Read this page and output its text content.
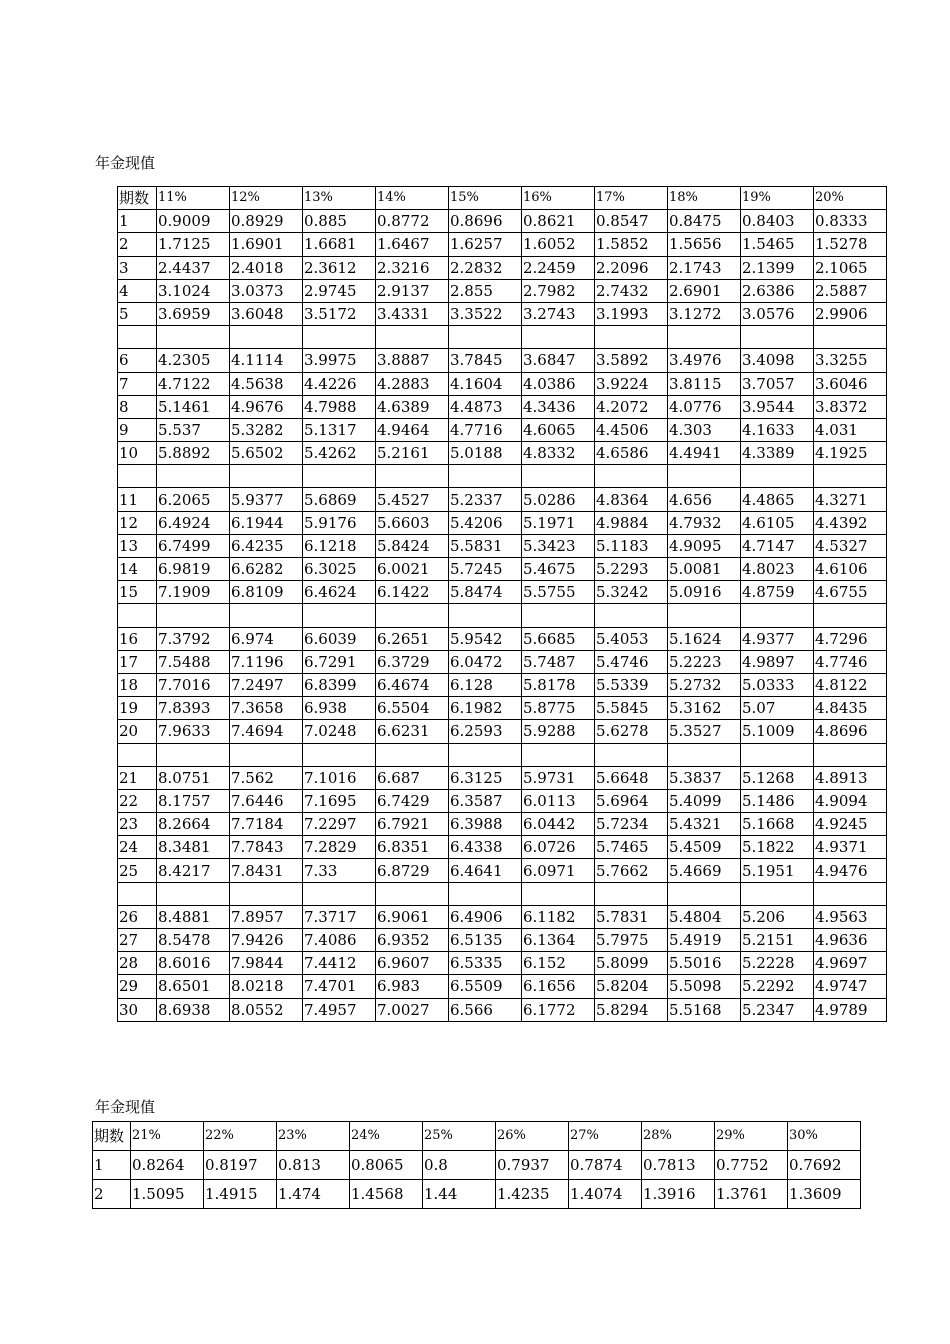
年金现值
期数	11%	12%	13%	14%	15%	16%	17%	18%	19%	20%
1	0.9009	0.8929	0.885	0.8772	0.8696	0.8621	0.8547	0.8475	0.8403	0.8333
2	1.7125	1.6901	1.6681	1.6467	1.6257	1.6052	1.5852	1.5656	1.5465	1.5278
3	2.4437	2.4018	2.3612	2.3216	2.2832	2.2459	2.2096	2.1743	2.1399	2.1065
4	3.1024	3.0373	2.9745	2.9137	2.855	2.7982	2.7432	2.6901	2.6386	2.5887
5	3.6959	3.6048	3.5172	3.4331	3.3522	3.2743	3.1993	3.1272	3.0576	2.9906

6	4.2305	4.1114	3.9975	3.8887	3.7845	3.6847	3.5892	3.4976	3.4098	3.3255
7	4.7122	4.5638	4.4226	4.2883	4.1604	4.0386	3.9224	3.8115	3.7057	3.6046
8	5.1461	4.9676	4.7988	4.6389	4.4873	4.3436	4.2072	4.0776	3.9544	3.8372
9	5.537	5.3282	5.1317	4.9464	4.7716	4.6065	4.4506	4.303	4.1633	4.031
10	5.8892	5.6502	5.4262	5.2161	5.0188	4.8332	4.6586	4.4941	4.3389	4.1925

11	6.2065	5.9377	5.6869	5.4527	5.2337	5.0286	4.8364	4.656	4.4865	4.3271
12	6.4924	6.1944	5.9176	5.6603	5.4206	5.1971	4.9884	4.7932	4.6105	4.4392
13	6.7499	6.4235	6.1218	5.8424	5.5831	5.3423	5.1183	4.9095	4.7147	4.5327
14	6.9819	6.6282	6.3025	6.0021	5.7245	5.4675	5.2293	5.0081	4.8023	4.6106
15	7.1909	6.8109	6.4624	6.1422	5.8474	5.5755	5.3242	5.0916	4.8759	4.6755

16	7.3792	6.974	6.6039	6.2651	5.9542	5.6685	5.4053	5.1624	4.9377	4.7296
17	7.5488	7.1196	6.7291	6.3729	6.0472	5.7487	5.4746	5.2223	4.9897	4.7746
18	7.7016	7.2497	6.8399	6.4674	6.128	5.8178	5.5339	5.2732	5.0333	4.8122
19	7.8393	7.3658	6.938	6.5504	6.1982	5.8775	5.5845	5.3162	5.07	4.8435
20	7.9633	7.4694	7.0248	6.6231	6.2593	5.9288	5.6278	5.3527	5.1009	4.8696

21	8.0751	7.562	7.1016	6.687	6.3125	5.9731	5.6648	5.3837	5.1268	4.8913
22	8.1757	7.6446	7.1695	6.7429	6.3587	6.0113	5.6964	5.4099	5.1486	4.9094
23	8.2664	7.7184	7.2297	6.7921	6.3988	6.0442	5.7234	5.4321	5.1668	4.9245
24	8.3481	7.7843	7.2829	6.8351	6.4338	6.0726	5.7465	5.4509	5.1822	4.9371
25	8.4217	7.8431	7.33	6.8729	6.4641	6.0971	5.7662	5.4669	5.1951	4.9476

26	8.4881	7.8957	7.3717	6.9061	6.4906	6.1182	5.7831	5.4804	5.206	4.9563
27	8.5478	7.9426	7.4086	6.9352	6.5135	6.1364	5.7975	5.4919	5.2151	4.9636
28	8.6016	7.9844	7.4412	6.9607	6.5335	6.152	5.8099	5.5016	5.2228	4.9697
29	8.6501	8.0218	7.4701	6.983	6.5509	6.1656	5.8204	5.5098	5.2292	4.9747
30	8.6938	8.0552	7.4957	7.0027	6.566	6.1772	5.8294	5.5168	5.2347	4.9789
年金现值
期数	21%	22%	23%	24%	25%	26%	27%	28%	29%	30%
1	0.8264	0.8197	0.813	0.8065	0.8	0.7937	0.7874	0.7813	0.7752	0.7692
2	1.5095	1.4915	1.474	1.4568	1.44	1.4235	1.4074	1.3916	1.3761	1.3609
